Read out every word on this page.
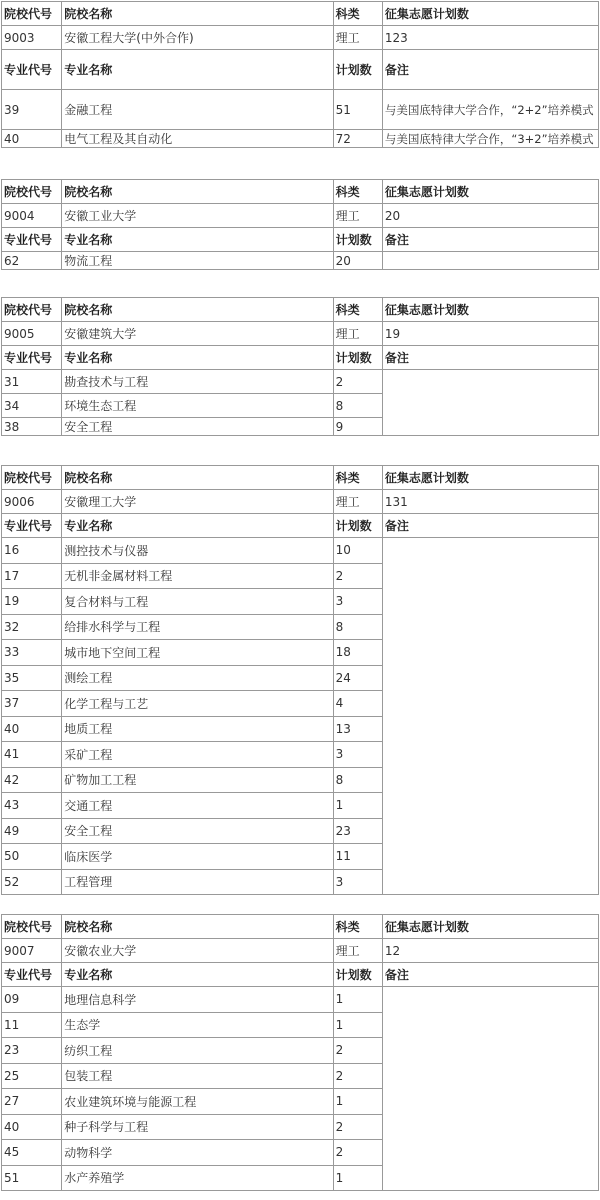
院校代号	院校名称	科类	征集志愿计划数
9003	安徽工程大学(中外合作)	理工	123
专业代号	专业名称	计划数	备注
39	金融工程	51	与美国底特律大学合作，“2+2”培养模式
40	电气工程及其自动化	72	与美国底特律大学合作，“3+2”培养模式
院校代号	院校名称	科类	征集志愿计划数
9004	安徽工业大学	理工	20
专业代号	专业名称	计划数	备注
62	物流工程	20	
院校代号	院校名称	科类	征集志愿计划数
9005	安徽建筑大学	理工	19
专业代号	专业名称	计划数	备注
31	勘查技术与工程	2	
34	环境生态工程	8	
38	安全工程	9	
院校代号	院校名称	科类	征集志愿计划数
9006	安徽理工大学	理工	131
专业代号	专业名称	计划数	备注
16	测控技术与仪器	10	
17	无机非金属材料工程	2	
19	复合材料与工程	3	
32	给排水科学与工程	8	
33	城市地下空间工程	18	
35	测绘工程	24	
37	化学工程与工艺	4	
40	地质工程	13	
41	采矿工程	3	
42	矿物加工工程	8	
43	交通工程	1	
49	安全工程	23	
50	临床医学	11	
52	工程管理	3	
院校代号	院校名称	科类	征集志愿计划数
9007	安徽农业大学	理工	12
专业代号	专业名称	计划数	备注
09	地理信息科学	1	
11	生态学	1	
23	纺织工程	2	
25	包装工程	2	
27	农业建筑环境与能源工程	1	
40	种子科学与工程	2	
45	动物科学	2	
51	水产养殖学	1	
